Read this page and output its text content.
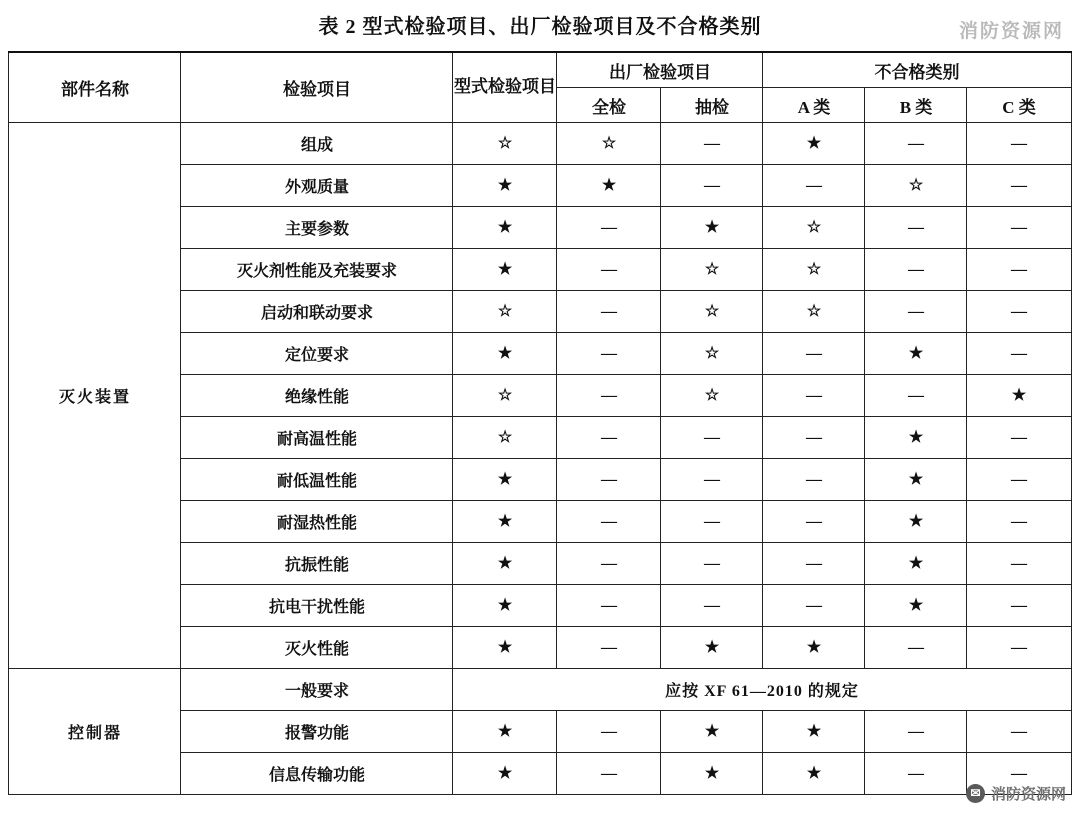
消防资源网
表 2 型式检验项目、出厂检验项目及不合格类别
部件名称	检验项目	型式检验项目	出厂检验项目		不合格类别		
			全检	抽检	A 类	B 类	C 类
灭火装置	组成	☆	☆	—	★	—	—
	外观质量	★	★	—	—	☆	—
	主要参数	★	—	★	☆	—	—
	灭火剂性能及充装要求	★	—	☆	☆	—	—
	启动和联动要求	☆	—	☆	☆	—	—
	定位要求	★	—	☆	—	★	—
	绝缘性能	☆	—	☆	—	—	★
	耐高温性能	☆	—	—	—	★	—
	耐低温性能	★	—	—	—	★	—
	耐湿热性能	★	—	—	—	★	—
	抗振性能	★	—	—	—	★	—
	抗电干扰性能	★	—	—	—	★	—
	灭火性能	★	—	★	★	—	—
控制器	一般要求	应按 XF 61—2010 的规定					
	报警功能	★	—	★	★	—	—
	信息传输功能	★	—	★	★	—	—
✉ 消防资源网
